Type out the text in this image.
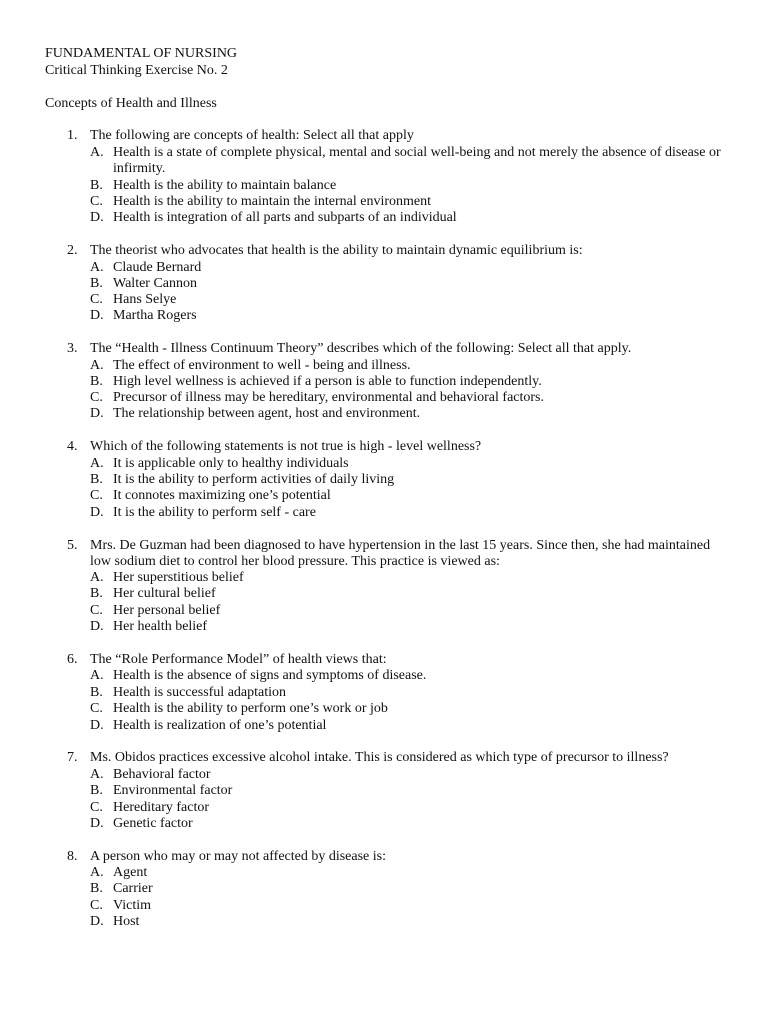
FUNDAMENTAL OF NURSING
Critical Thinking Exercise No. 2
Concepts of Health and Illness
1. The following are concepts of health: Select all that apply
A. Health is a state of complete physical, mental and social well-being and not merely the absence of disease or infirmity.
B. Health is the ability to maintain balance
C. Health is the ability to maintain the internal environment
D. Health is integration of all parts and subparts of an individual
2. The theorist who advocates that health is the ability to maintain dynamic equilibrium is:
A. Claude Bernard
B. Walter Cannon
C. Hans Selye
D. Martha Rogers
3. The “Health - Illness Continuum Theory” describes which of the following: Select all that apply.
A. The effect of environment to well - being and illness.
B. High level wellness is achieved if a person is able to function independently.
C. Precursor of illness may be hereditary, environmental and behavioral factors.
D. The relationship between agent, host and environment.
4. Which of the following statements is not true is high - level wellness?
A. It is applicable only to healthy individuals
B. It is the ability to perform activities of daily living
C. It connotes maximizing one’s potential
D. It is the ability to perform self - care
5. Mrs. De Guzman had been diagnosed to have hypertension in the last 15 years. Since then, she had maintained low sodium diet to control her blood pressure. This practice is viewed as:
A. Her superstitious belief
B. Her cultural belief
C. Her personal belief
D. Her health belief
6. The “Role Performance Model” of health views that:
A. Health is the absence of signs and symptoms of disease.
B. Health is successful adaptation
C. Health is the ability to perform one’s work or job
D. Health is realization of one’s potential
7. Ms. Obidos practices excessive alcohol intake. This is considered as which type of precursor to illness?
A. Behavioral factor
B. Environmental factor
C. Hereditary factor
D. Genetic factor
8. A person who may or may not affected by disease is:
A. Agent
B. Carrier
C. Victim
D. Host
